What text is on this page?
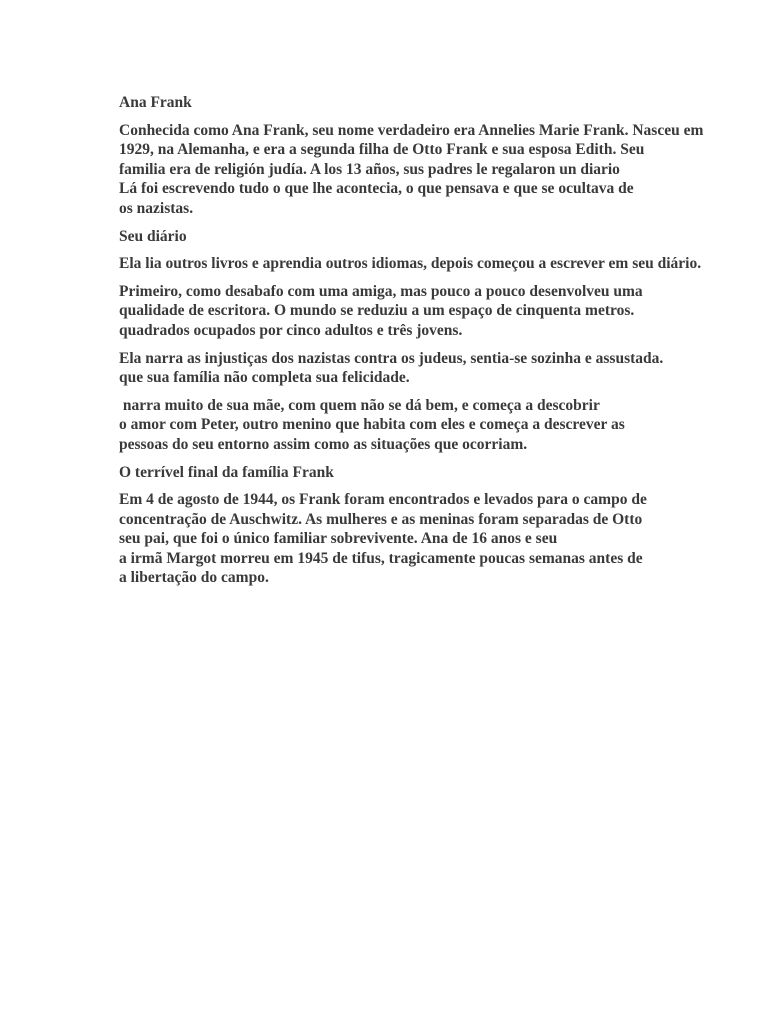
Ana Frank
Conhecida como Ana Frank, seu nome verdadeiro era Annelies Marie Frank. Nasceu em
1929, na Alemanha, e era a segunda filha de Otto Frank e sua esposa Edith. Seu
familia era de religión judía. A los 13 años, sus padres le regalaron un diario
Lá foi escrevendo tudo o que lhe acontecia, o que pensava e que se ocultava de
os nazistas.
Seu diário
Ela lia outros livros e aprendia outros idiomas, depois começou a escrever em seu diário.
Primeiro, como desabafo com uma amiga, mas pouco a pouco desenvolveu uma
qualidade de escritora. O mundo se reduziu a um espaço de cinquenta metros.
quadrados ocupados por cinco adultos e três jovens.
Ela narra as injustiças dos nazistas contra os judeus, sentia-se sozinha e assustada.
que sua família não completa sua felicidade.
narra muito de sua mãe, com quem não se dá bem, e começa a descobrir
o amor com Peter, outro menino que habita com eles e começa a descrever as
pessoas do seu entorno assim como as situações que ocorriam.
O terrível final da família Frank
Em 4 de agosto de 1944, os Frank foram encontrados e levados para o campo de
concentração de Auschwitz. As mulheres e as meninas foram separadas de Otto
seu pai, que foi o único familiar sobrevivente. Ana de 16 anos e seu
a irmã Margot morreu em 1945 de tifus, tragicamente poucas semanas antes de
a libertação do campo.
